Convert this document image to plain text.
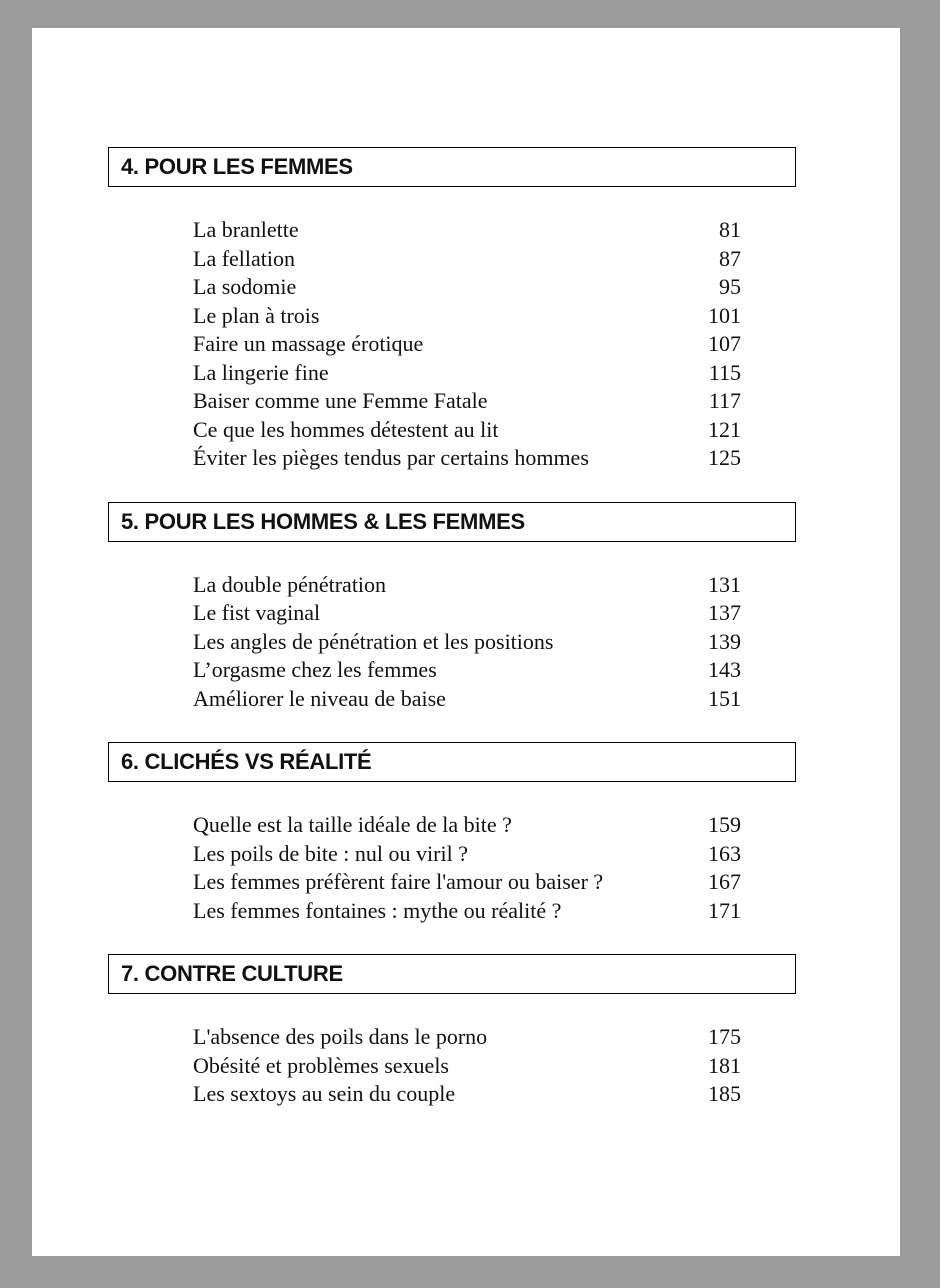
4. POUR LES FEMMES
La branlette	81
La fellation	87
La sodomie	95
Le plan à trois	101
Faire un massage érotique	107
La lingerie fine	115
Baiser comme une Femme Fatale	117
Ce que les hommes détestent au lit	121
Éviter les pièges tendus par certains hommes	125
5. POUR LES HOMMES & LES FEMMES
La double pénétration	131
Le fist vaginal	137
Les angles de pénétration et les positions	139
L’orgasme chez les femmes	143
Améliorer le niveau de baise	151
6. CLICHÉS VS RÉALITÉ
Quelle est la taille idéale de la bite ?	159
Les poils de bite : nul ou viril ?	163
Les femmes préfèrent faire l'amour ou baiser ?	167
Les femmes fontaines : mythe ou réalité ?	171
7. CONTRE CULTURE
L'absence des poils dans le porno	175
Obésité et problèmes sexuels	181
Les sextoys au sein du couple	185
